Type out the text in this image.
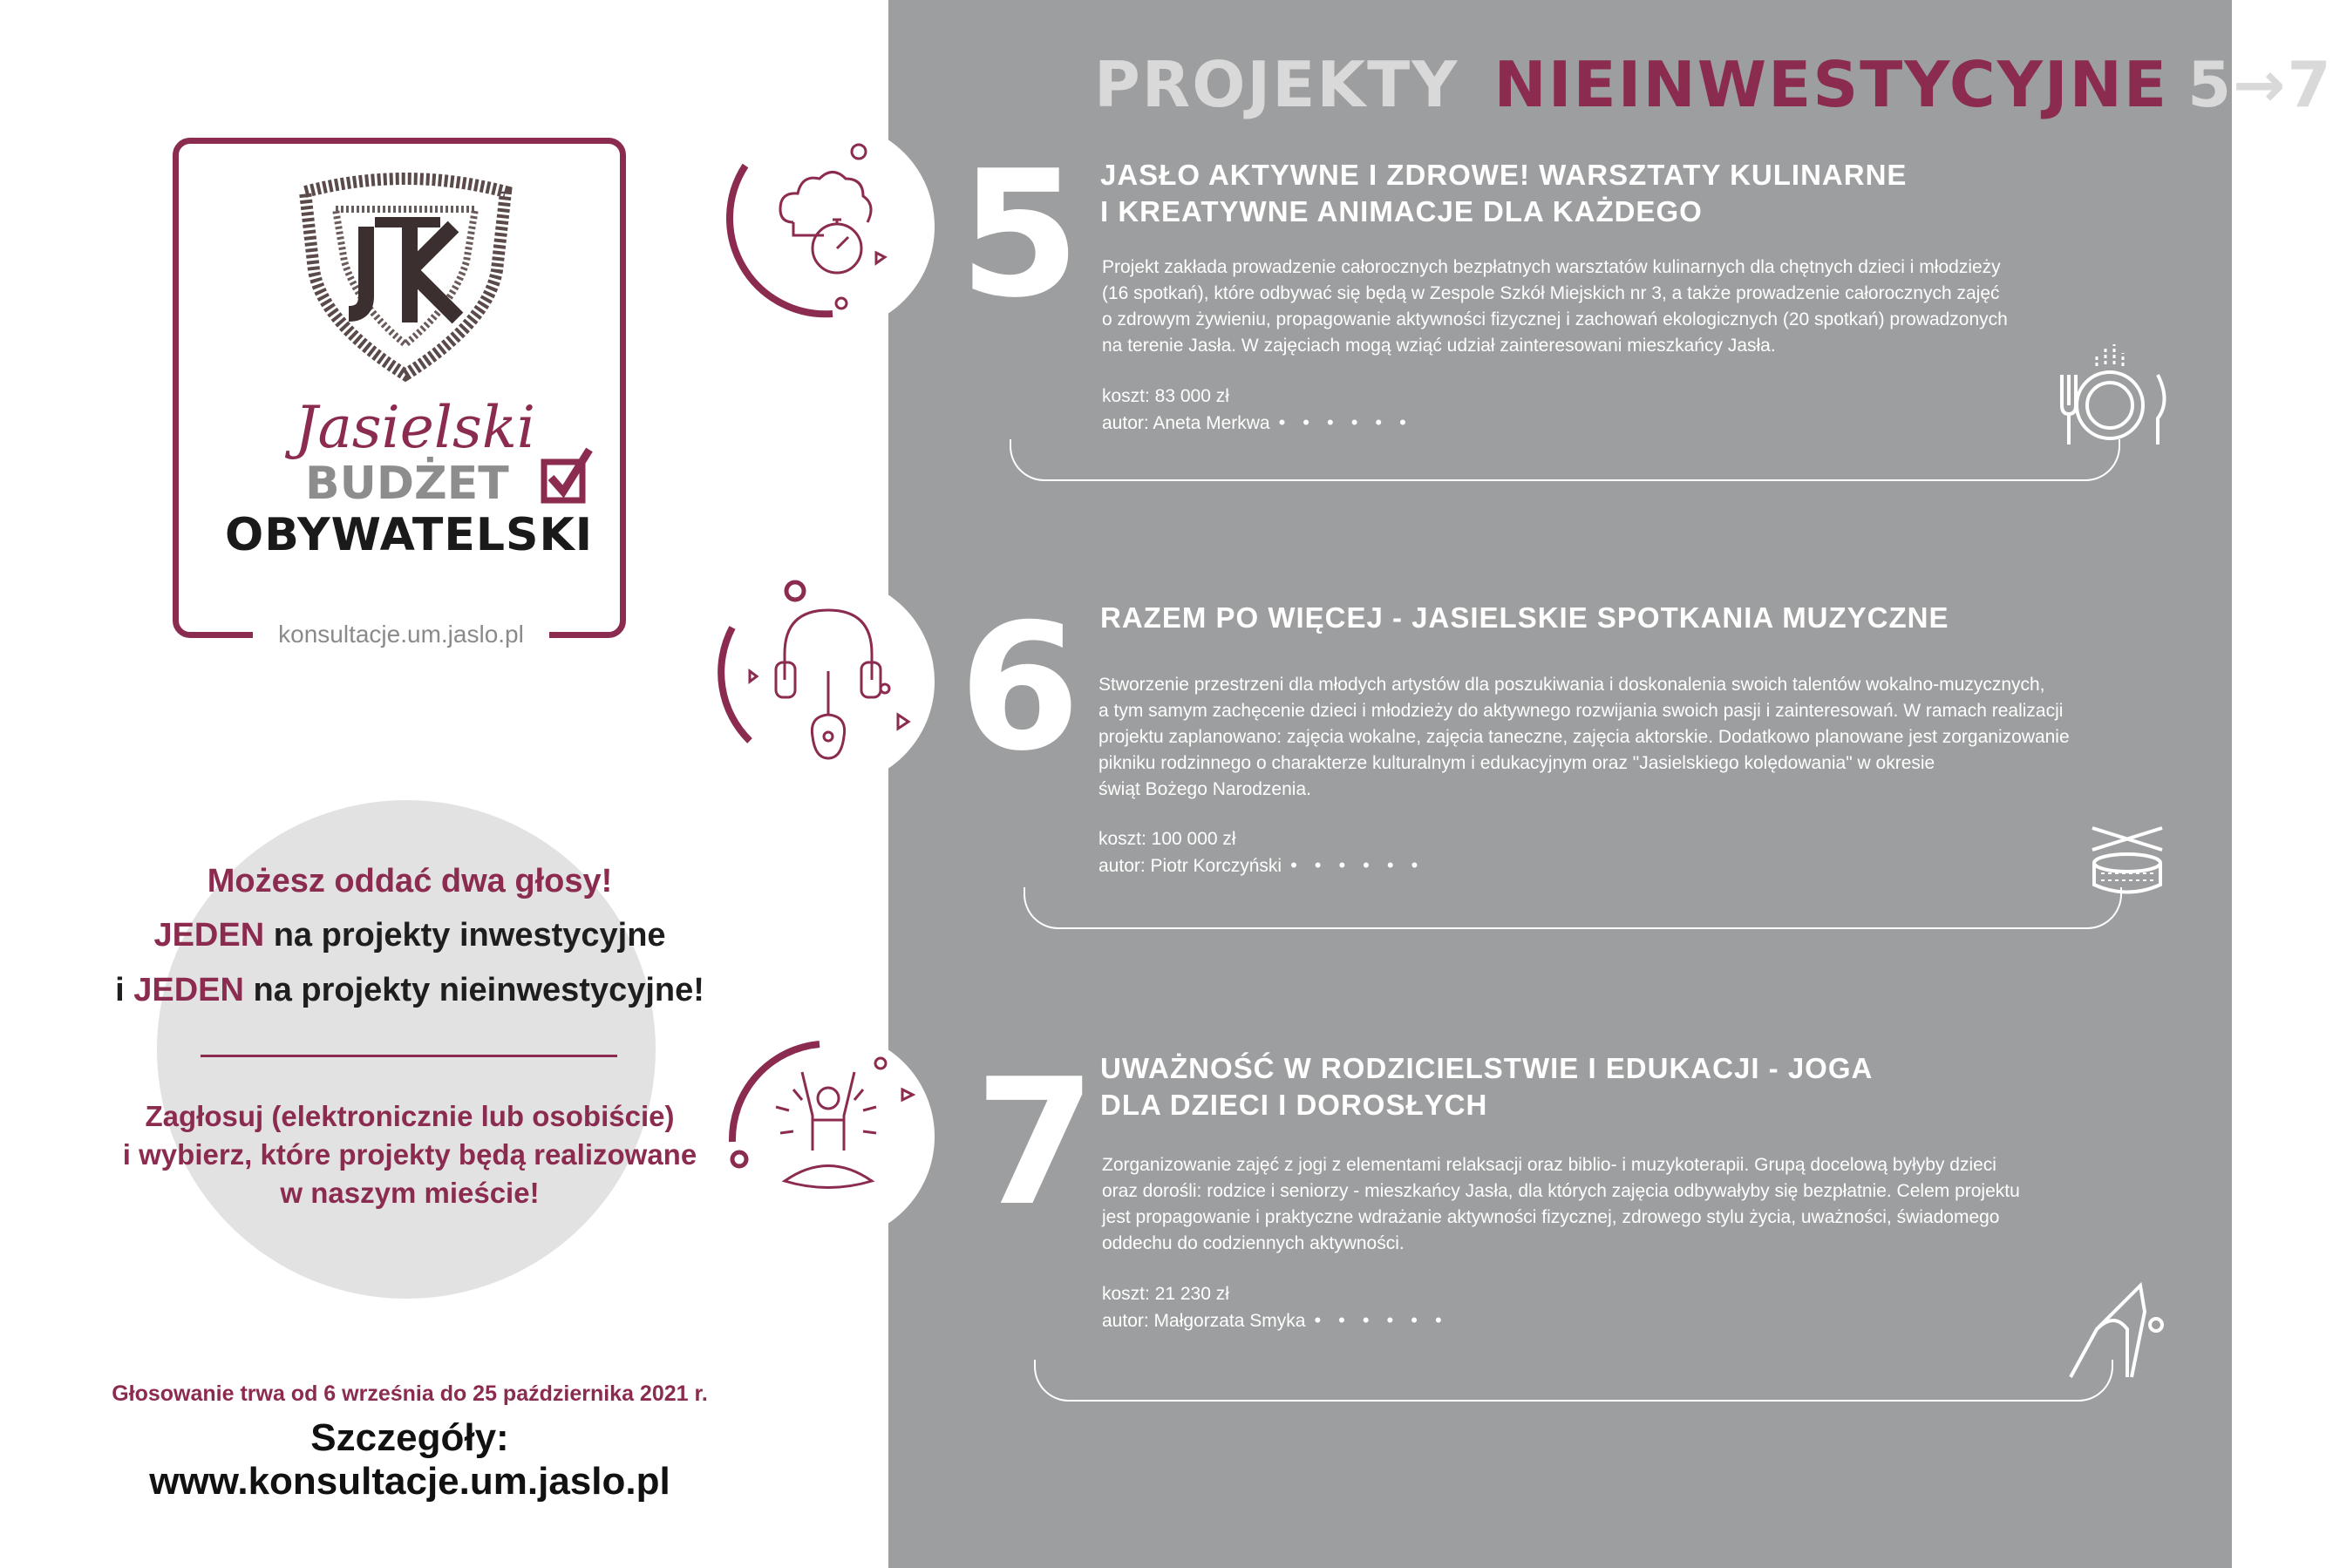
PROJEKTY NIEINWESTYCYJNE 5→7
konsultacje.um.jaslo.pl
Jasielski
BUDŻET
OBYWATELSKI
Możesz oddać dwa głosy!
JEDEN na projekty inwestycyjne
i JEDEN na projekty nieinwestycyjne!
Zagłosuj (elektronicznie lub osobiście)
i wybierz, które projekty będą realizowane
w naszym mieście!
Głosowanie trwa od 6 września do 25 października 2021 r.
Szczegóły: www.konsultacje.um.jaslo.pl
5 JASŁO AKTYWNE I ZDROWE! WARSZTATY KULINARNE
I KREATYWNE ANIMACJE DLA KAŻDEGO
Projekt zakłada prowadzenie całorocznych bezpłatnych warsztatów kulinarnych dla chętnych dzieci i młodzieży
(16 spotkań), które odbywać się będą w Zespole Szkół Miejskich nr 3, a także prowadzenie całorocznych zajęć
o zdrowym żywieniu, propagowanie aktywności fizycznej i zachowań ekologicznych (20 spotkań) prowadzonych
na terenie Jasła. W zajęciach mogą wziąć udział zainteresowani mieszkańcy Jasła.
koszt: 83 000 zł
autor: Aneta Merkwa ••••••
6 RAZEM PO WIĘCEJ - JASIELSKIE SPOTKANIA MUZYCZNE
Stworzenie przestrzeni dla młodych artystów dla poszukiwania i doskonalenia swoich talentów wokalno-muzycznych,
a tym samym zachęcenie dzieci i młodzieży do aktywnego rozwijania swoich pasji i zainteresowań. W ramach realizacji
projektu zaplanowano: zajęcia wokalne, zajęcia taneczne, zajęcia aktorskie. Dodatkowo planowane jest zorganizowanie
pikniku rodzinnego o charakterze kulturalnym i edukacyjnym oraz "Jasielskiego kolędowania" w okresie
świąt Bożego Narodzenia.
koszt: 100 000 zł
autor: Piotr Korczyński ••••••
7 UWAŻNOŚĆ W RODZICIELSTWIE I EDUKACJI - JOGA
DLA DZIECI I DOROSŁYCH
Zorganizowanie zajęć z jogi z elementami relaksacji oraz biblio- i muzykoterapii. Grupą docelową byłyby dzieci
oraz dorośli: rodzice i seniorzy - mieszkańcy Jasła, dla których zajęcia odbywałyby się bezpłatnie. Celem projektu
jest propagowanie i praktyczne wdrażanie aktywności fizycznej, zdrowego stylu życia, uważności, świadomego
oddechu do codziennych aktywności.
koszt: 21 230 zł
autor: Małgorzata Smyka ••••••
